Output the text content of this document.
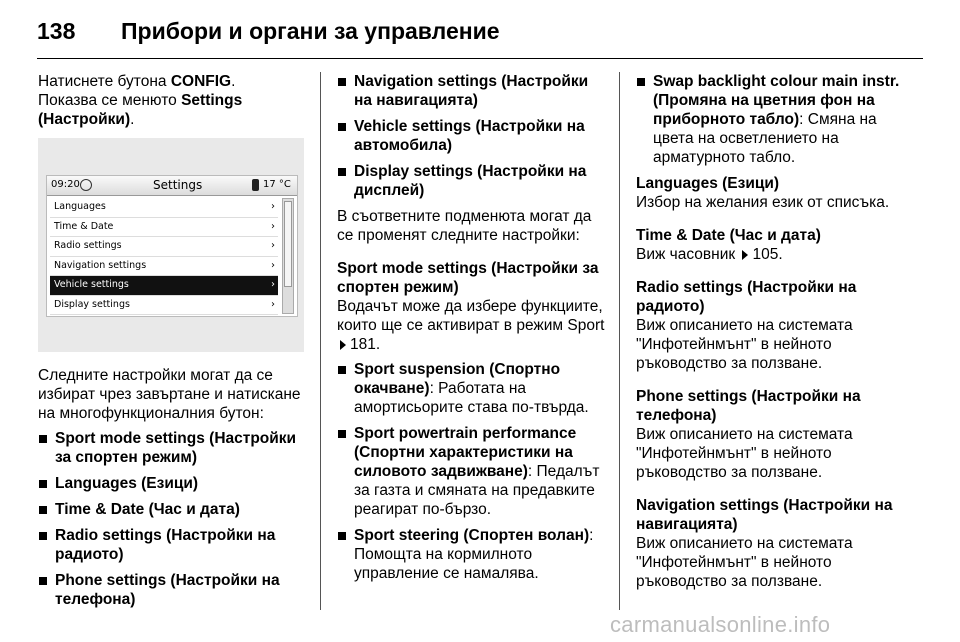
138 Прибори и органи за управление

Натиснете бутона CONFIG.

Показва се менюто Settings (Настройки).

09:20	Settings	17 °C
Languages	›
Time & Date	›
Radio settings	›
Navigation settings	›
Vehicle settings	›
Display settings	›

Следните настройки могат да се избират чрез завъртане и натискане на многофункционалния бутон:

Sport mode settings (Настройки за спортен режим)
Languages (Езици)
Time & Date (Час и дата)
Radio settings (Настройки на радиото)
Phone settings (Настройки на телефона)
Navigation settings (Настройки на навигацията)
Vehicle settings (Настройки на автомобила)
Display settings (Настройки на дисплей)

В съответните подменюта могат да се променят следните настройки:

Sport mode settings (Настройки за спортен режим)

Водачът може да избере функциите, които ще се активират в режим Sport 181.

Sport suspension (Спортно окачване): Работата на амортисьорите става по-твърда.
Sport powertrain performance (Спортни характеристики на силовото задвижване): Педалът за газта и смяната на предавките реагират по-бързо.
Sport steering (Спортен волан): Помощта на кормилното управление се намалява.
Swap backlight colour main instr. (Промяна на цветния фон на приборното табло): Смяна на цвета на осветлението на арматурното табло.

Languages (Езици)

Избор на желания език от списъка.

Time & Date (Час и дата)

Виж часовник 105.

Radio settings (Настройки на радиото)

Виж описанието на системата "Инфотейнмънт" в нейното ръководство за ползване.

Phone settings (Настройки на телефона)

Виж описанието на системата "Инфотейнмънт" в нейното ръководство за ползване.

Navigation settings (Настройки на навигацията)

Виж описанието на системата "Инфотейнмънт" в нейното ръководство за ползване.

carmanualsonline.info
